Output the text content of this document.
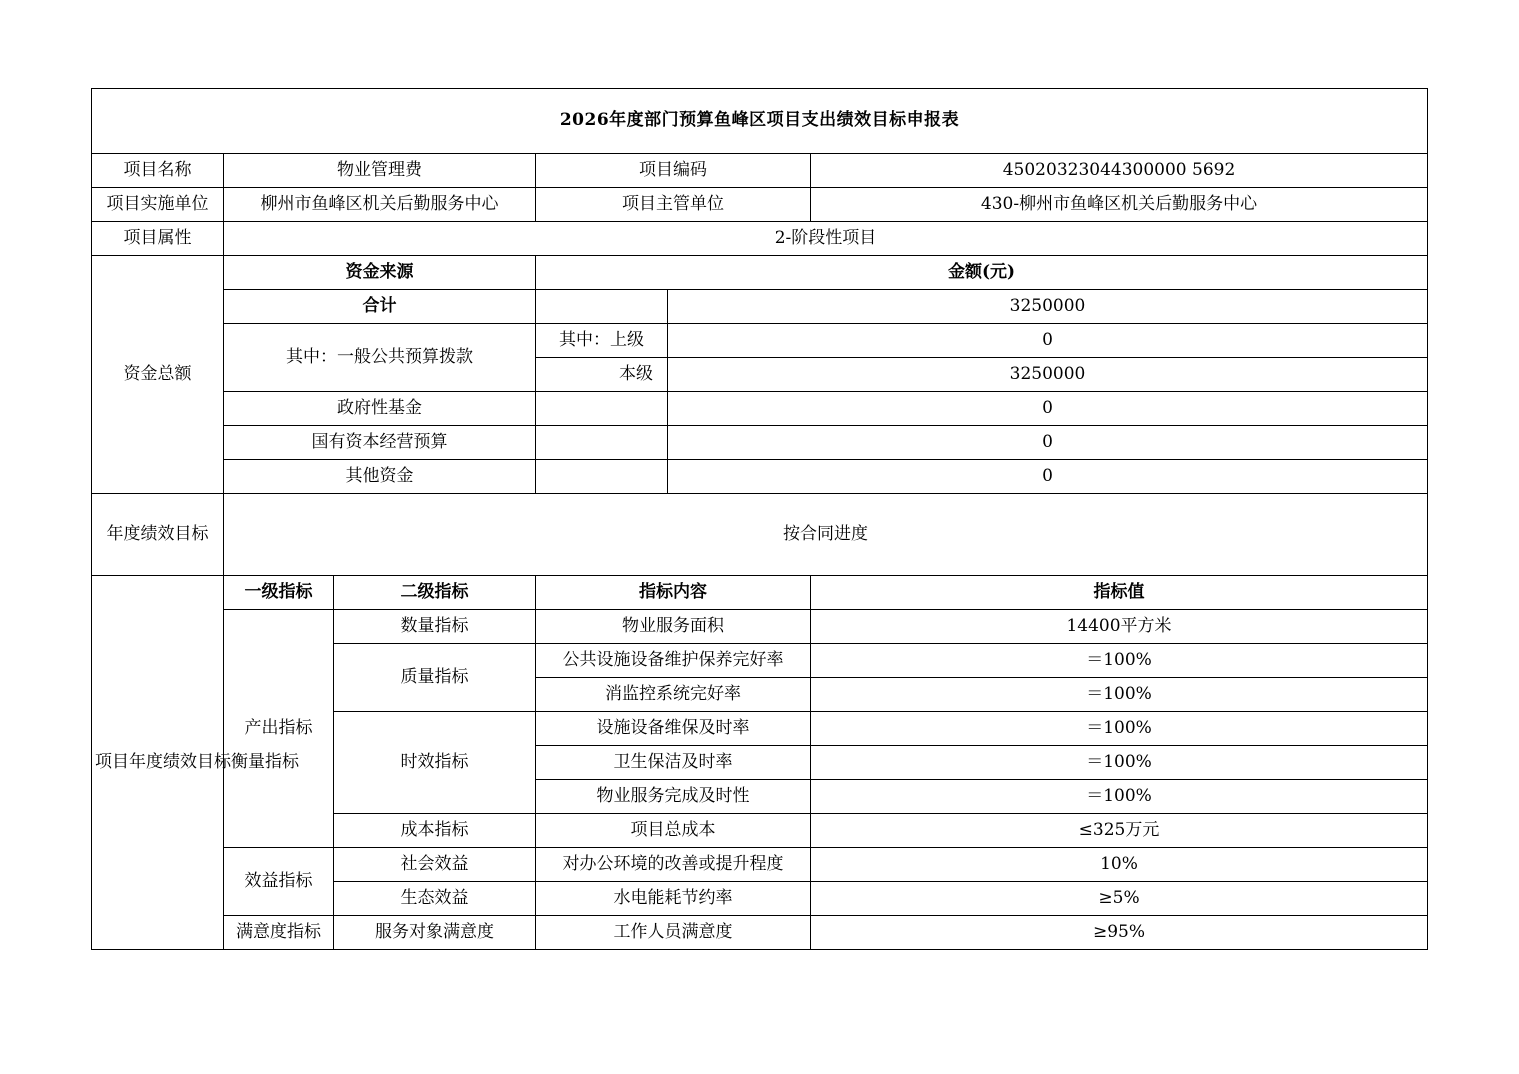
2026年度部门预算鱼峰区项目支出绩效目标申报表					
项目名称	物业管理费		项目编码		45020323044300000 5692
项目实施单位	柳州市鱼峰区机关后勤服务中心		项目主管单位		430-柳州市鱼峰区机关后勤服务中心
项目属性	2-阶段性项目				
资金总额	资金来源		金额(元)		
	合计			3250000	
	其中：一般公共预算拨款		其中：上级	0	
			本级	3250000	
	政府性基金			0	
	国有资本经营预算			0	
	其他资金			0	
年度绩效目标	按合同进度				
项目年度绩效目标衡量指标	一级指标	二级指标	指标内容		指标值
	产出指标	数量指标	物业服务面积		14400平方米
		质量指标	公共设施设备维护保养完好率		＝100%
			消监控系统完好率		＝100%
		时效指标	设施设备维保及时率		＝100%
			卫生保洁及时率		＝100%
			物业服务完成及时性		＝100%
		成本指标	项目总成本		≤325万元
	效益指标	社会效益	对办公环境的改善或提升程度		10%
		生态效益	水电能耗节约率		≥5%
	满意度指标	服务对象满意度	工作人员满意度		≥95%
